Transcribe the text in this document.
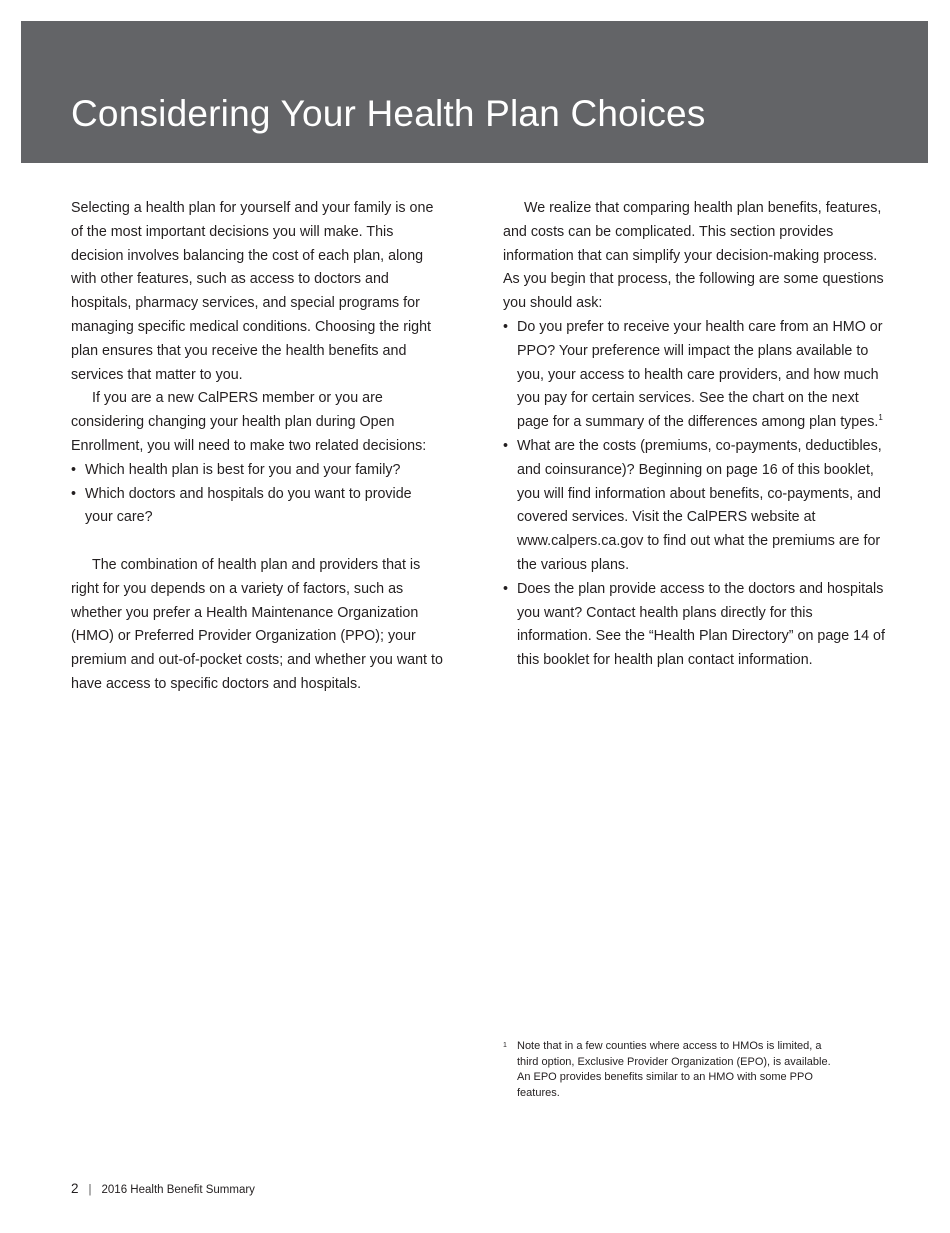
Considering Your Health Plan Choices

Selecting a health plan for yourself and your family is one of the most important decisions you will make. This decision involves balancing the cost of each plan, along with other features, such as access to doctors and hospitals, pharmacy services, and special programs for managing specific medical conditions. Choosing the right plan ensures that you receive the health benefits and services that matter to you.

If you are a new CalPERS member or you are considering changing your health plan during Open Enrollment, you will need to make two related decisions:

• Which health plan is best for you and your family?
• Which doctors and hospitals do you want to provide your care?

The combination of health plan and providers that is right for you depends on a variety of factors, such as whether you prefer a Health Maintenance Organization (HMO) or Preferred Provider Organization (PPO); your premium and out-of-pocket costs; and whether you want to have access to specific doctors and hospitals.

We realize that comparing health plan benefits, features, and costs can be complicated. This section provides information that can simplify your decision-making process. As you begin that process, the following are some questions you should ask:

• Do you prefer to receive your health care from an HMO or PPO? Your preference will impact the plans available to you, your access to health care providers, and how much you pay for certain services. See the chart on the next page for a summary of the differences among plan types.$^1$
• What are the costs (premiums, co-payments, deductibles, and coinsurance)? Beginning on page 16 of this booklet, you will find information about benefits, co-payments, and covered services. Visit the CalPERS website at www.calpers.ca.gov to find out what the premiums are for the various plans.
• Does the plan provide access to the doctors and hospitals you want? Contact health plans directly for this information. See the “Health Plan Directory” on page 14 of this booklet for health plan contact information.
1 Note that in a few counties where access to HMOs is limited, a third option, Exclusive Provider Organization (EPO), is available. An EPO provides benefits similar to an HMO with some PPO features.
2 | 2016 Health Benefit Summary
